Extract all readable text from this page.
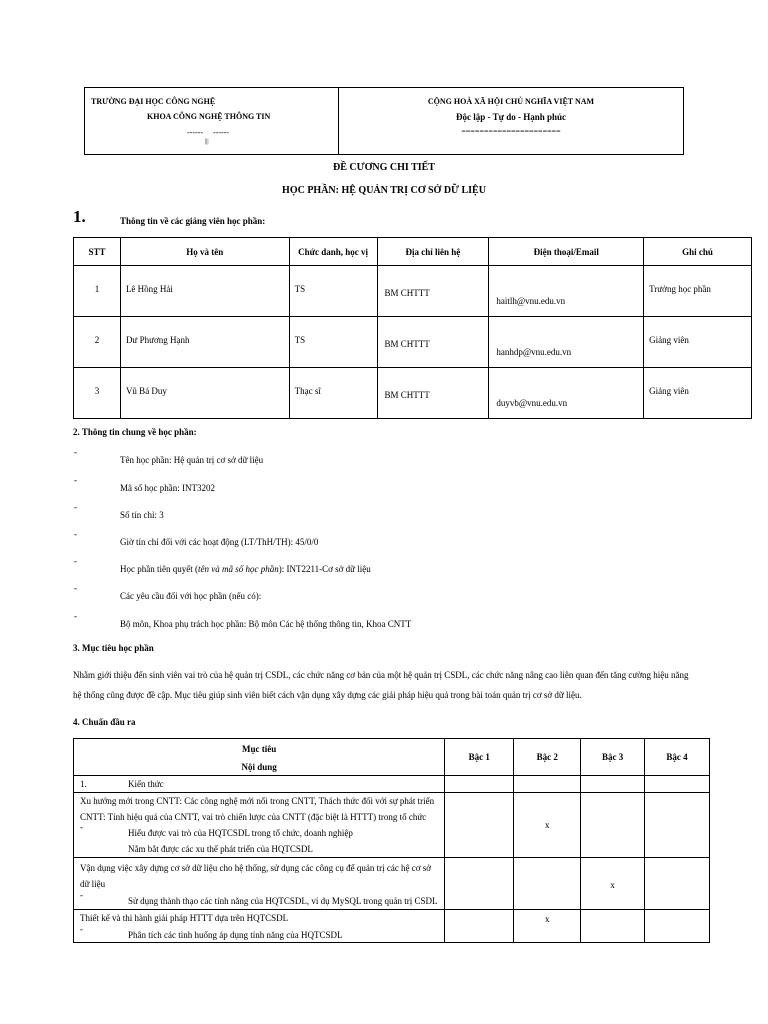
TRƯỜNG ĐẠI HỌC CÔNG NGHỆ
KHOA CÔNG NGHỆ THÔNG TIN
------     ------
|||
CỘNG HOÀ XÃ HỘI CHỦ NGHĨA VIỆT NAM
Độc lập - Tự do - Hạnh phúc
======================
ĐỀ CƯƠNG CHI TIẾT
HỌC PHẦN: HỆ QUẢN TRỊ CƠ SỞ DỮ LIỆU
1.	Thông tin về các giảng viên học phần:
STT	Họ và tên	Chức danh, học vị	Địa chỉ liên hệ	Điện thoại/Email	Ghi chú

1	Lê Hồng Hải	TS	BM CHTTT	haitlh@vnu.edu.vn	Trưởng học phần

2	Dư Phương Hạnh	TS	BM CHTTT	hanhdp@vnu.edu.vn	Giảng viên

3	Vũ Bá Duy	Thạc sĩ	BM CHTTT	duyvb@vnu.edu.vn	Giảng viên
2. Thông tin chung về học phần:
-
Tên học phần: Hệ quản trị cơ sở dữ liệu
-
Mã số học phần: INT3202
-
Số tín chỉ: 3
-
Giờ tín chỉ đối với các hoạt động (LT/ThH/TH): 45/0/0
-
Học phần tiên quyết (tên và mã số học phần): INT2211-Cơ sở dữ liệu
-
Các yêu cầu đối với học phần (nếu có):
-
Bộ môn, Khoa phụ trách học phần: Bộ môn Các hệ thống thông tin, Khoa CNTT
3. Mục tiêu học phần
Nhằm giới thiệu đến sinh viên vai trò của hệ quản trị CSDL, các chức năng cơ bản của một hệ quản trị CSDL, các chức năng nâng cao liên quan đến tăng cường hiệu năng
hệ thống cũng được đề cập. Mục tiêu giúp sinh viên biết cách vận dụng xây dựng các giải pháp hiệu quả trong bài toán quản trị cơ sở dữ liệu.
4. Chuẩn đầu ra
Mục tiêu
Nội dung	Bậc 1	Bậc 2	Bậc 3	Bậc 4

1. Kiến thức				

Xu hướng mới trong CNTT: Các công nghệ mới nổi trong CNTT, Thách thức đối với sự phát triển
CNTT: Tính hiệu quả của CNTT, vai trò chiến lược của CNTT (đặc biệt là HTTT) trong tổ chức
-
Hiểu được vai trò của HQTCSDL trong tổ chức, doanh nghiệp
Nắm bắt được các xu thế phát triển của HQTCSDL		x		

Vận dụng việc xây dựng cơ sở dữ liệu cho hệ thống, sử dụng các công cụ để quản trị các hệ cơ sở
dữ liệu
-
Sử dụng thành thạo các tính năng của HQTCSDL, ví dụ MySQL trong quản trị CSDL			x	

Thiết kế và thi hành giải pháp HTTT dựa trên HQTCSDL
-
Phân tích các tình huống áp dụng tính năng của HQTCSDL		x		
